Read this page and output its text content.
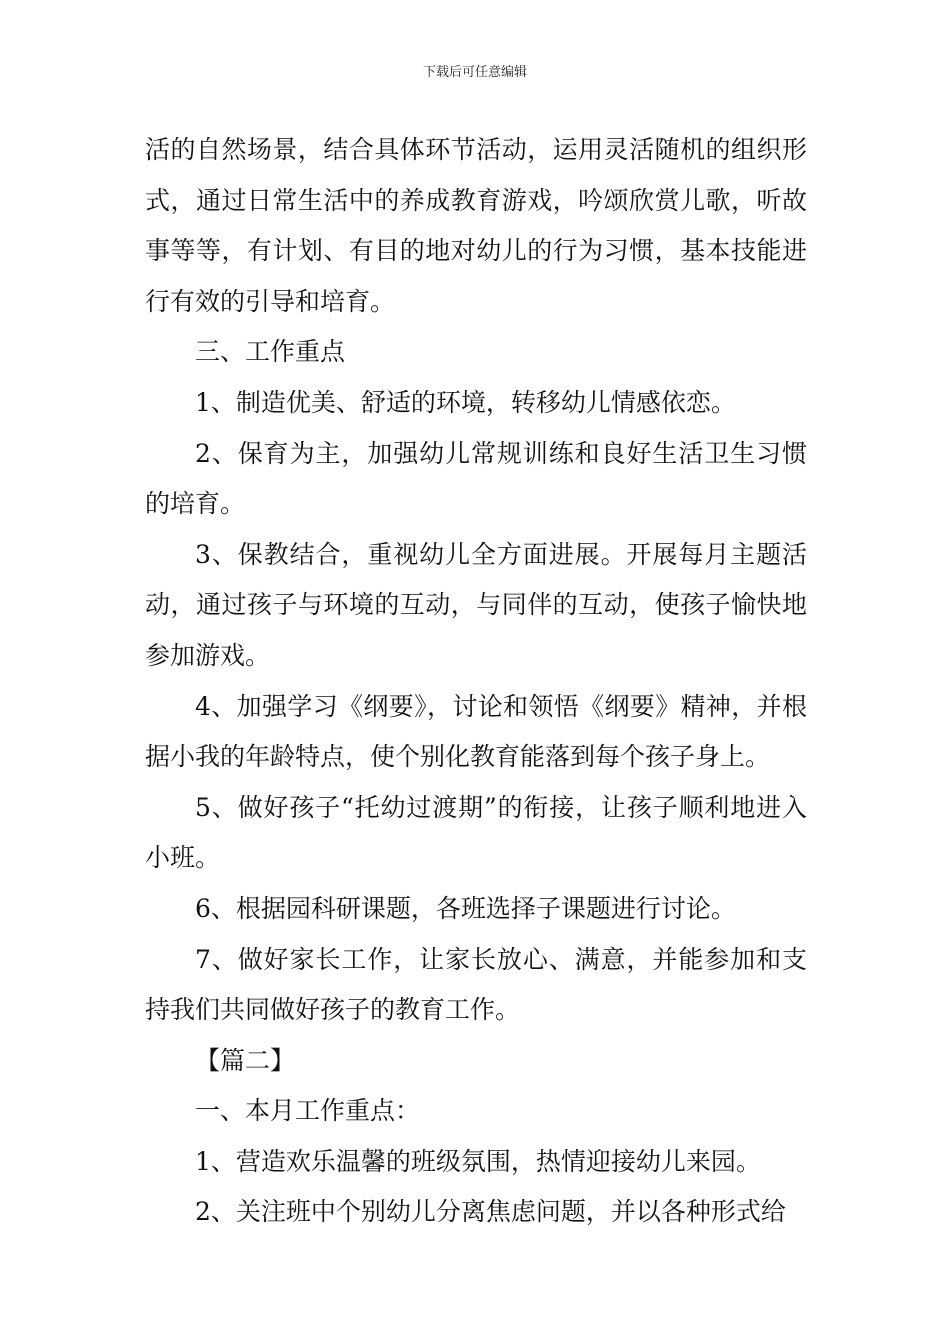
下载后可任意编辑

活的自然场景，结合具体环节活动，运用灵活随机的组织形式，通过日常生活中的养成教育游戏，吟颂欣赏儿歌，听故事等等，有计划、有目的地对幼儿的行为习惯，基本技能进行有效的引导和培育。

三、工作重点

1、制造优美、舒适的环境，转移幼儿情感依恋。

2、保育为主，加强幼儿常规训练和良好生活卫生习惯的培育。

3、保教结合，重视幼儿全方面进展。开展每月主题活动，通过孩子与环境的互动，与同伴的互动，使孩子愉快地参加游戏。

4、加强学习《纲要》，讨论和领悟《纲要》精神，并根据小我的年龄特点，使个别化教育能落到每个孩子身上。

5、做好孩子“托幼过渡期”的衔接，让孩子顺利地进入小班。

6、根据园科研课题，各班选择子课题进行讨论。

7、做好家长工作，让家长放心、满意，并能参加和支持我们共同做好孩子的教育工作。

【篇二】

一、本月工作重点：

1、营造欢乐温馨的班级氛围，热情迎接幼儿来园。

2、关注班中个别幼儿分离焦虑问题，并以各种形式给
